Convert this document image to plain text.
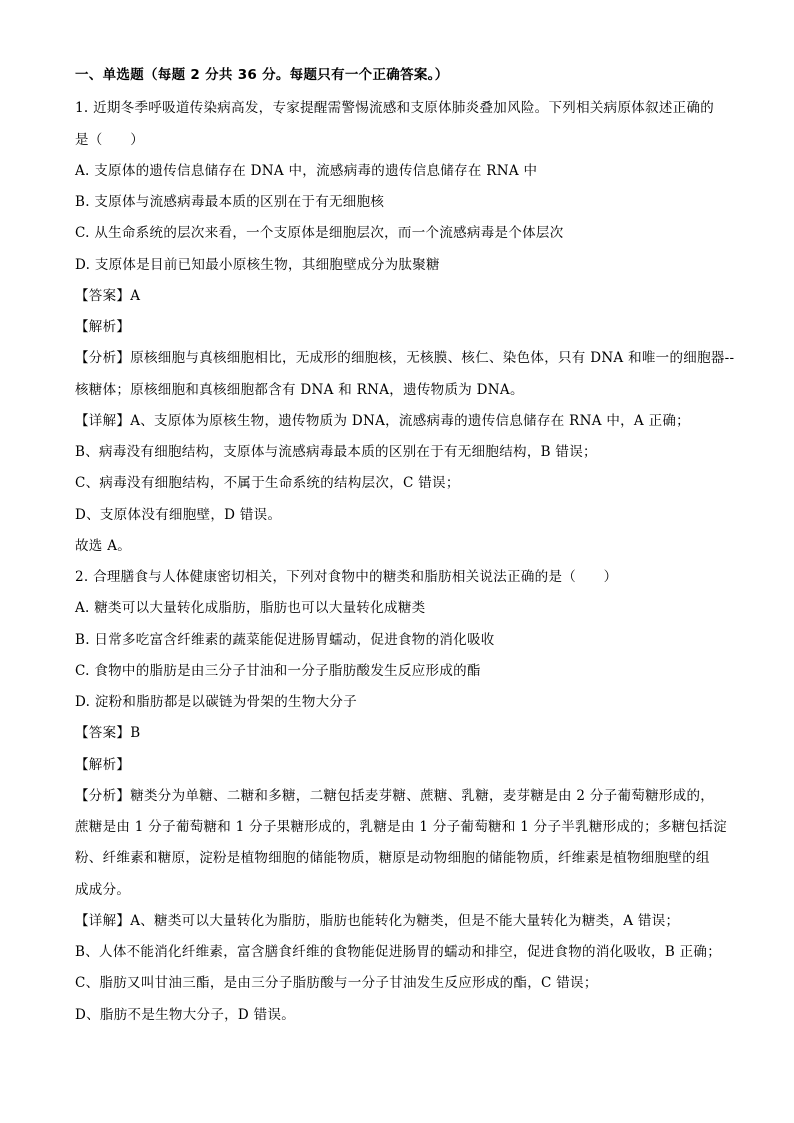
一、单选题（每题 2 分共 36 分。每题只有一个正确答案。）
1. 近期冬季呼吸道传染病高发，专家提醒需警惕流感和支原体肺炎叠加风险。下列相关病原体叙述正确的
是（　　）
A. 支原体的遗传信息储存在 DNA 中，流感病毒的遗传信息储存在 RNA 中
B. 支原体与流感病毒最本质的区别在于有无细胞核
C. 从生命系统的层次来看，一个支原体是细胞层次，而一个流感病毒是个体层次
D. 支原体是目前已知最小原核生物，其细胞壁成分为肽聚糖
【答案】A
【解析】
【分析】原核细胞与真核细胞相比，无成形的细胞核，无核膜、核仁、染色体，只有 DNA 和唯一的细胞器--
核糖体；原核细胞和真核细胞都含有 DNA 和 RNA，遗传物质为 DNA。
【详解】A、支原体为原核生物，遗传物质为 DNA，流感病毒的遗传信息储存在 RNA 中，A 正确；
B、病毒没有细胞结构，支原体与流感病毒最本质的区别在于有无细胞结构，B 错误；
C、病毒没有细胞结构，不属于生命系统的结构层次，C 错误；
D、支原体没有细胞壁，D 错误。
故选 A。
2. 合理膳食与人体健康密切相关，下列对食物中的糖类和脂肪相关说法正确的是（　　）
A. 糖类可以大量转化成脂肪，脂肪也可以大量转化成糖类
B. 日常多吃富含纤维素的蔬菜能促进肠胃蠕动，促进食物的消化吸收
C. 食物中的脂肪是由三分子甘油和一分子脂肪酸发生反应形成的酯
D. 淀粉和脂肪都是以碳链为骨架的生物大分子
【答案】B
【解析】
【分析】糖类分为单糖、二糖和多糖，二糖包括麦芽糖、蔗糖、乳糖，麦芽糖是由 2 分子葡萄糖形成的，
蔗糖是由 1 分子葡萄糖和 1 分子果糖形成的，乳糖是由 1 分子葡萄糖和 1 分子半乳糖形成的；多糖包括淀
粉、纤维素和糖原，淀粉是植物细胞的储能物质，糖原是动物细胞的储能物质，纤维素是植物细胞壁的组
成成分。
【详解】A、糖类可以大量转化为脂肪，脂肪也能转化为糖类，但是不能大量转化为糖类，A 错误；
B、人体不能消化纤维素，富含膳食纤维的食物能促进肠胃的蠕动和排空，促进食物的消化吸收，B 正确；
C、脂肪又叫甘油三酯，是由三分子脂肪酸与一分子甘油发生反应形成的酯，C 错误；
D、脂肪不是生物大分子，D 错误。
